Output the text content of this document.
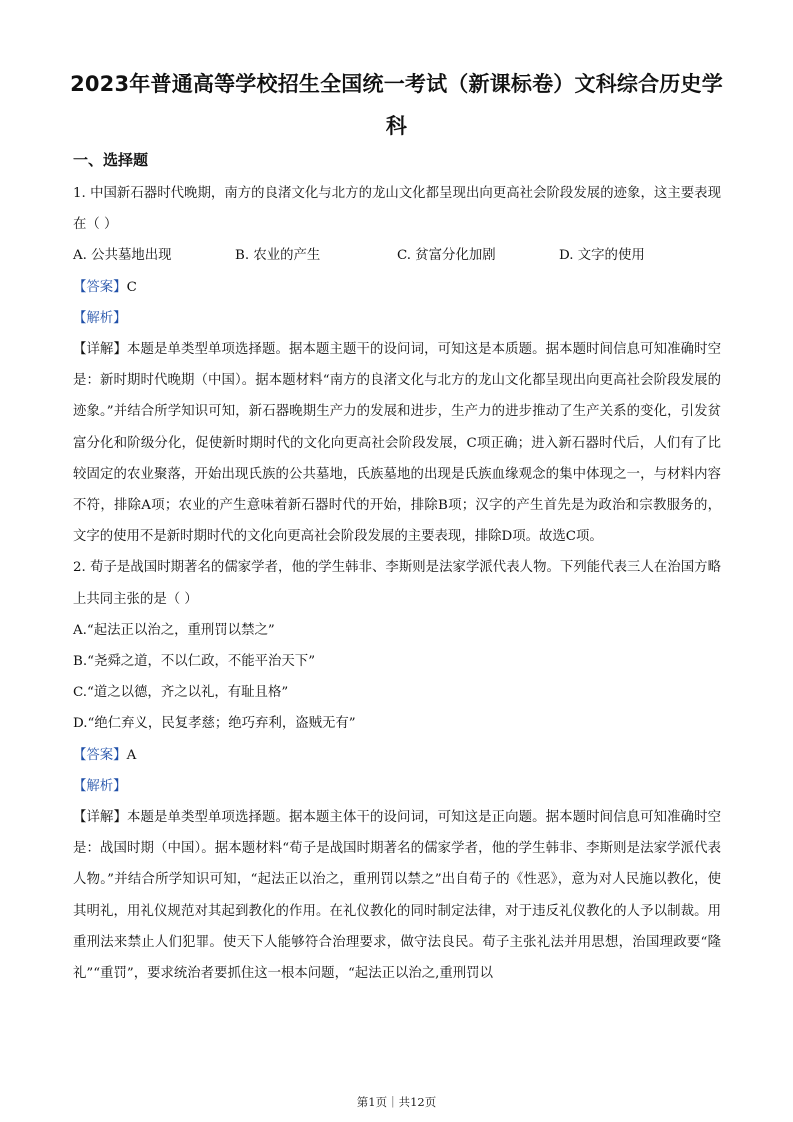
2023年普通高等学校招生全国统一考试（新课标卷）文科综合历史学科
一、选择题

1. 中国新石器时代晚期，南方的良渚文化与北方的龙山文化都呈现出向更高社会阶段发展的迹象，这主要表现在（ ）

A. 公共墓地出现	B. 农业的产生	C. 贫富分化加剧	D. 文字的使用

【答案】C

【解析】

【详解】本题是单类型单项选择题。据本题主题干的设问词，可知这是本质题。据本题时间信息可知准确时空是：新时期时代晚期（中国）。据本题材料“南方的良渚文化与北方的龙山文化都呈现出向更高社会阶段发展的迹象。”并结合所学知识可知，新石器晚期生产力的发展和进步，生产力的进步推动了生产关系的变化，引发贫富分化和阶级分化，促使新时期时代的文化向更高社会阶段发展，C项正确；进入新石器时代后，人们有了比较固定的农业聚落，开始出现氏族的公共墓地，氏族墓地的出现是氏族血缘观念的集中体现之一，与材料内容不符，排除A项；农业的产生意味着新石器时代的开始，排除B项；汉字的产生首先是为政治和宗教服务的，文字的使用不是新时期时代的文化向更高社会阶段发展的主要表现，排除D项。故选C项。

2. 荀子是战国时期著名的儒家学者，他的学生韩非、李斯则是法家学派代表人物。下列能代表三人在治国方略上共同主张的是（ ）

A.“起法正以治之，重刑罚以禁之”

B.“尧舜之道，不以仁政，不能平治天下”

C.“道之以德，齐之以礼，有耻且格”

D.“绝仁弃义，民复孝慈；绝巧弃利，盗贼无有”

【答案】A

【解析】

【详解】本题是单类型单项选择题。据本题主体干的设问词，可知这是正向题。据本题时间信息可知准确时空是：战国时期（中国）。据本题材料“荀子是战国时期著名的儒家学者，他的学生韩非、李斯则是法家学派代表人物。”并结合所学知识可知，“起法正以治之，重刑罚以禁之”出自荀子的《性恶》，意为对人民施以教化，使其明礼，用礼仪规范对其起到教化的作用。在礼仪教化的同时制定法律，对于违反礼仪教化的人予以制裁。用重刑法来禁止人们犯罪。使天下人能够符合治理要求，做守法良民。荀子主张礼法并用思想，治国理政要“隆礼”“重罚”，要求统治者要抓住这一根本问题，“起法正以治之,重刑罚以

第1页｜共12页
